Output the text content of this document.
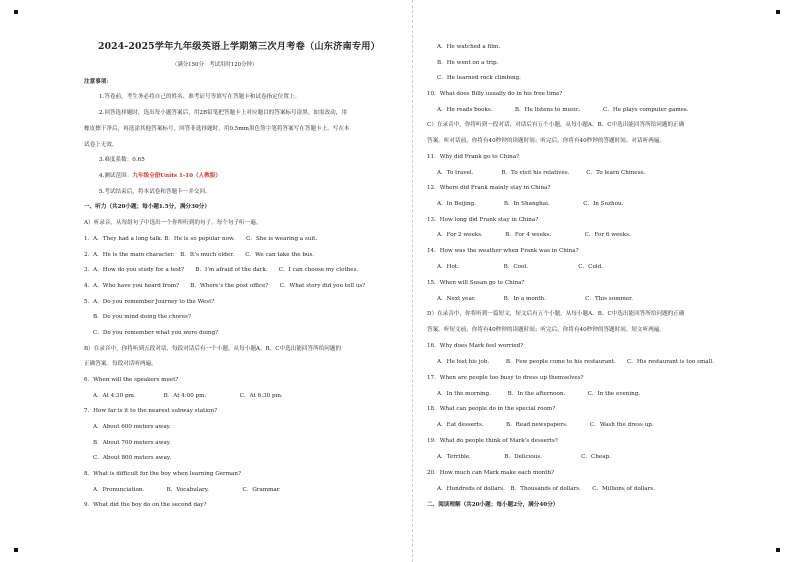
2024-2025学年九年级英语上学期第三次月考卷（山东济南专用）
（满分150分　考试用时120分钟）
注意事项：
1.答卷前，考生务必将自己的姓名、准考证号等填写在答题卡和试卷指定位置上。
2.回答选择题时，选出每小题答案后，用2B铅笔把答题卡上对应题目的答案标号涂黑。如需改动，用
橡皮擦干净后，再选涂其他答案标号。回答非选择题时，用0.5mm黑色签字笔将答案写在答题卡上。写在本
试卷上无效。
3.难度系数：0.65
4.测试范围：九年级全册Units 1-10（人教版）
5.考试结束后，将本试卷和答题卡一并交回。
一、听力（共20小题；每小题1.5分，满分30分）
A）听录音，从每组句子中选出一个你所听到的句子。每个句子听一遍。
1．A．They had a long talk. B．He is so popular now.　　C．She is wearing a suit.
2．A．He is the main character.　B．It’s much older.　　C．We can take the bus.
3．A．How do you study for a test?　　B．I’m afraid of the dark.　　C．I can choose my clothes.
4．A．Who have you heard from?　　B．Where’s the post office?　　C．What story did you tell us?
5．A．Do you remember Journey to the West?
B．Do you mind doing the chores?
C．Do you remember what you were doing?
B）在录音中，你将听到五段对话，每段对话后有一个小题，从每小题A、B、C中选出能回答所给问题的
正确答案。每段对话听两遍。
6．When will the speakers meet?
A．At 4:30 pm.　　　　　B．At 4:00 pm.　　　　　　C．At 6:30 pm.
7．How far is it to the nearest subway station?
A．About 600 meters away.
B．About 700 meters away.
C．About 800 meters away.
8．What is difficult for the boy when learning German?
A．Pronunciation.　　　　B．Vocabulary.　　　　　　C．Grammar.
9．What did the boy do on the second day?
A．He watched a film.
B．He went on a trip.
C．He learned rock climbing.
10．What does Billy usually do in his free time?
A．He reads books.　　　　B．He listens to music.　　　　C．He plays computer games.
C）在录音中，你将听到一段对话，对话后有五个小题，从每小题A、B、C中选出能回答所给问题的正确
答案。听对话前，你将有40秒钟的读题时间；听完后，你将有40秒钟的答题时间。对话听两遍。
11．Why did Frank go to China?
A．To travel.　　　　　B．To visit his relatives.　　　C．To learn Chinese.
12．Where did Frank mainly stay in China?
A．In Beijing.　　　　　B．In Shanghai.　　　　　　C．In Suzhou.
13．How long did Frank stay in China?
A．For 2 weeks.　　　　B．For 4 weeks.　　　　　　C．For 6 weeks.
14．How was the weather when Frank was in China?
A．Hot.　　　　　　　　B．Cool.　　　　　　　　　C．Cold.
15．When will Susan go to China?
A．Next year.　　　　　B．In a month.　　　　　　　C．This summer.
D）在录音中，你将听到一篇短文，短文后有五个小题，从每小题A、B、C中选出能回答所给问题的正确
答案。听短文前，你将有40秒钟的读题时间；听完后，你将有40秒钟的答题时间。短文听两遍。
16．Why does Mark feel worried?
A．He lost his job.　　　B．Few people come to his restaurant.　　C．His restaurant is too small.
17．When are people too busy to dress up themselves?
A．In the morning.　　　B．In the afternoon.　　　　C．In the evening.
18．What can people do in the special room?
A．Eat desserts.　　　　B．Read newspapers.　　　　C．Wash the dress up.
19．What do people think of Mark’s desserts?
A．Terrible.　　　　　　B．Delicious.　　　　　　　C．Cheap.
20．How much can Mark make each month?
A．Hundreds of dollars.　B．Thousands of dollars.　　C．Millions of dollars.
二、阅读理解（共20小题；每小题2分，满分40分）
